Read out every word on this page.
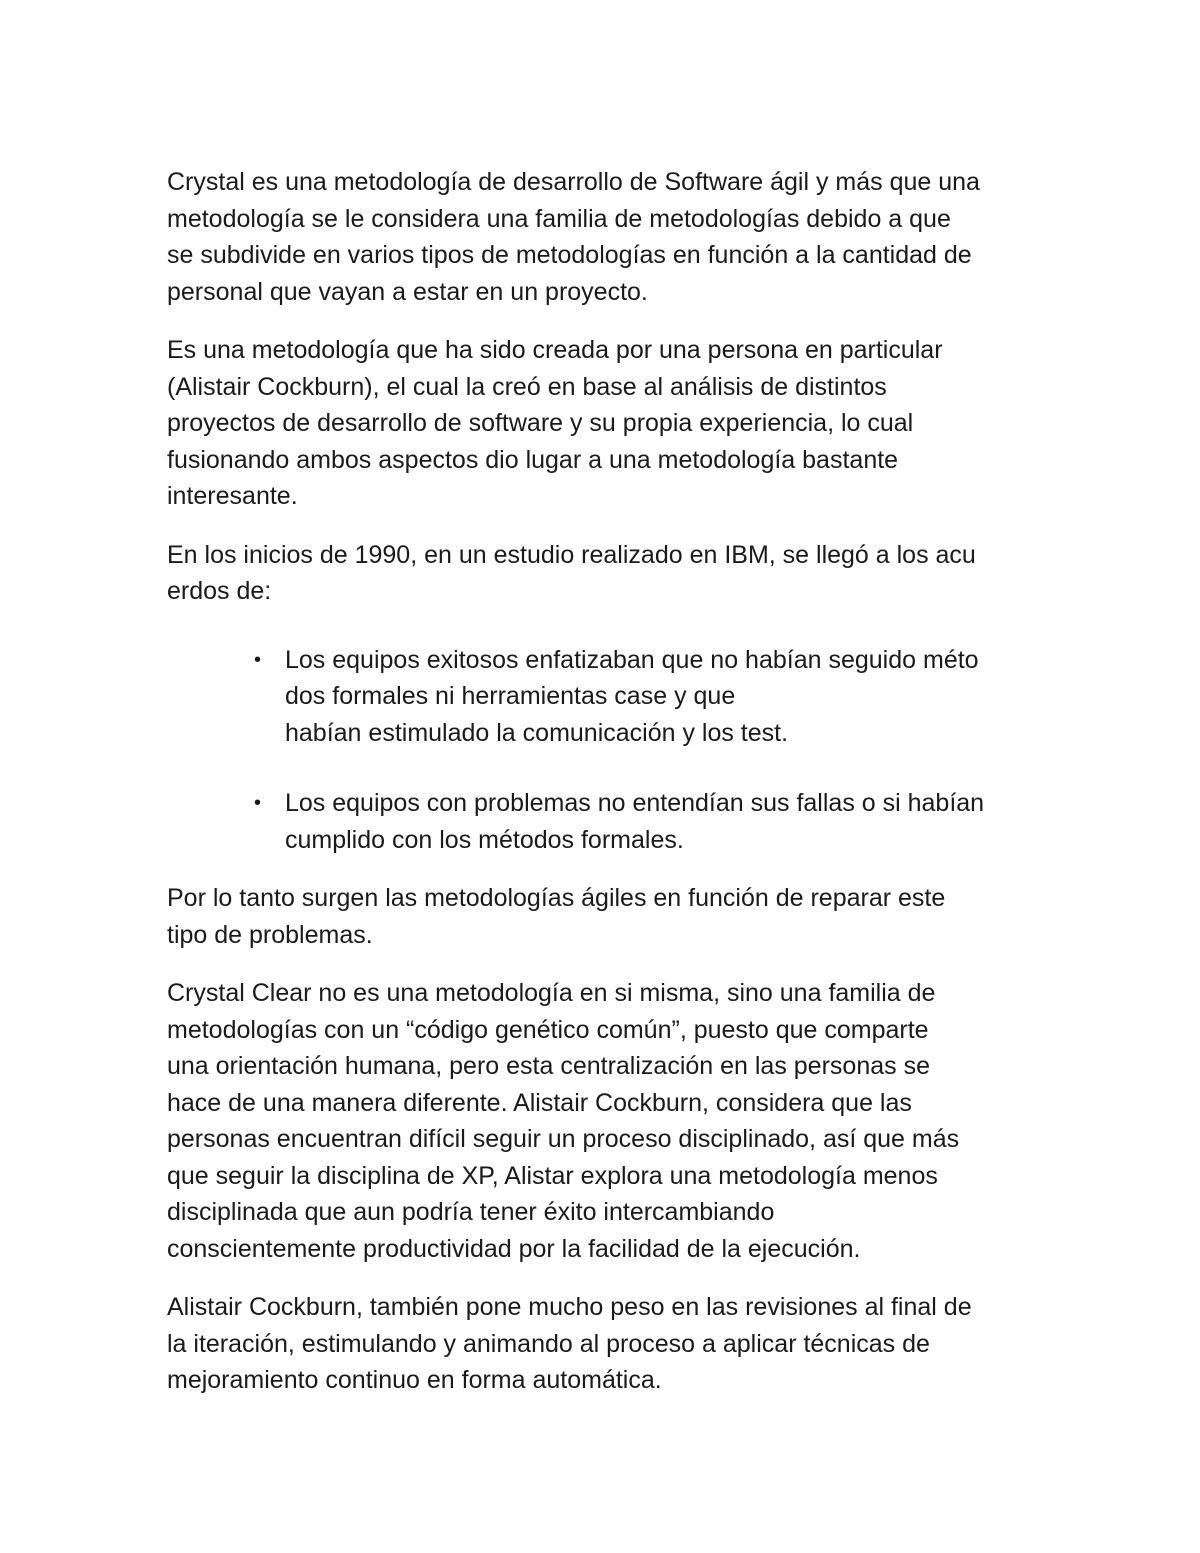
Crystal es una metodología de desarrollo de Software ágil y más que una
metodología se le considera una familia de metodologías debido a que
se subdivide en varios tipos de metodologías en función a la cantidad de
personal que vayan a estar en un proyecto.

Es una metodología que ha sido creada por una persona en particular
(Alistair Cockburn), el cual la creó en base al análisis de distintos
proyectos de desarrollo de software y su propia experiencia, lo cual
fusionando ambos aspectos dio lugar a una metodología bastante
interesante.

En los inicios de 1990, en un estudio realizado en IBM, se llegó a los acu
erdos de:

• Los equipos exitosos enfatizaban que no habían seguido méto
dos formales ni herramientas case y que
habían estimulado la comunicación y los test.
• Los equipos con problemas no entendían sus fallas o si habían
cumplido con los métodos formales.

Por lo tanto surgen las metodologías ágiles en función de reparar este
tipo de problemas.

Crystal Clear no es una metodología en si misma, sino una familia de
metodologías con un “código genético común”, puesto que comparte
una orientación humana, pero esta centralización en las personas se
hace de una manera diferente. Alistair Cockburn, considera que las
personas encuentran difícil seguir un proceso disciplinado, así que más
que seguir la disciplina de XP, Alistar explora una metodología menos
disciplinada que aun podría tener éxito intercambiando
conscientemente productividad por la facilidad de la ejecución.

Alistair Cockburn, también pone mucho peso en las revisiones al final de
la iteración, estimulando y animando al proceso a aplicar técnicas de
mejoramiento continuo en forma automática.
